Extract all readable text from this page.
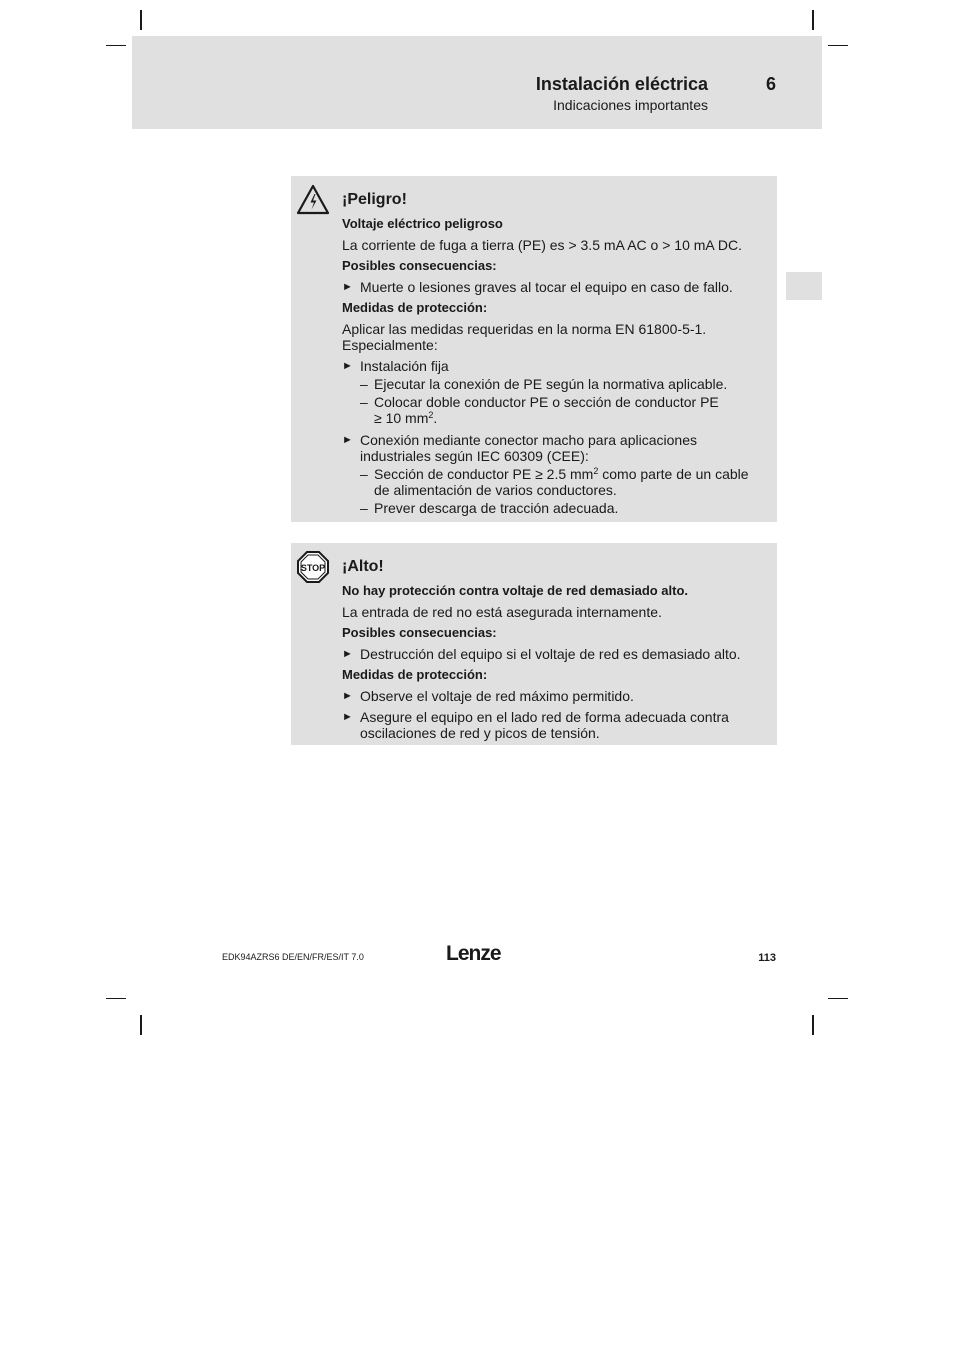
Instalación eléctrica	6
Indicaciones importantes
¡Peligro!
Voltaje eléctrico peligroso

La corriente de fuga a tierra (PE) es > 3.5 mA AC o > 10 mA DC.

Posibles consecuencias:
► Muerte o lesiones graves al tocar el equipo en caso de fallo.
Medidas de protección:

Aplicar las medidas requeridas en la norma EN 61800-5-1.
Especialmente:

► Instalación fija
– Ejecutar la conexión de PE según la normativa aplicable.
– Colocar doble conductor PE o sección de conductor PE
≥ 10 $mm^2$.
► Conexión mediante conector macho para aplicaciones industriales según IEC 60309 (CEE):
– Sección de conductor PE ≥ 2.5 $mm^2$ como parte de un cable de alimentación de varios conductores.
– Prever descarga de tracción adecuada.
STOP ¡Alto!
No hay protección contra voltaje de red demasiado alto.

La entrada de red no está asegurada internamente.

Posibles consecuencias:
► Destrucción del equipo si el voltaje de red es demasiado alto.
Medidas de protección:
► Observe el voltaje de red máximo permitido.
► Asegure el equipo en el lado red de forma adecuada contra oscilaciones de red y picos de tensión.
EDK94AZRS6 DE/EN/FR/ES/IT 7.0	Lenze	113
